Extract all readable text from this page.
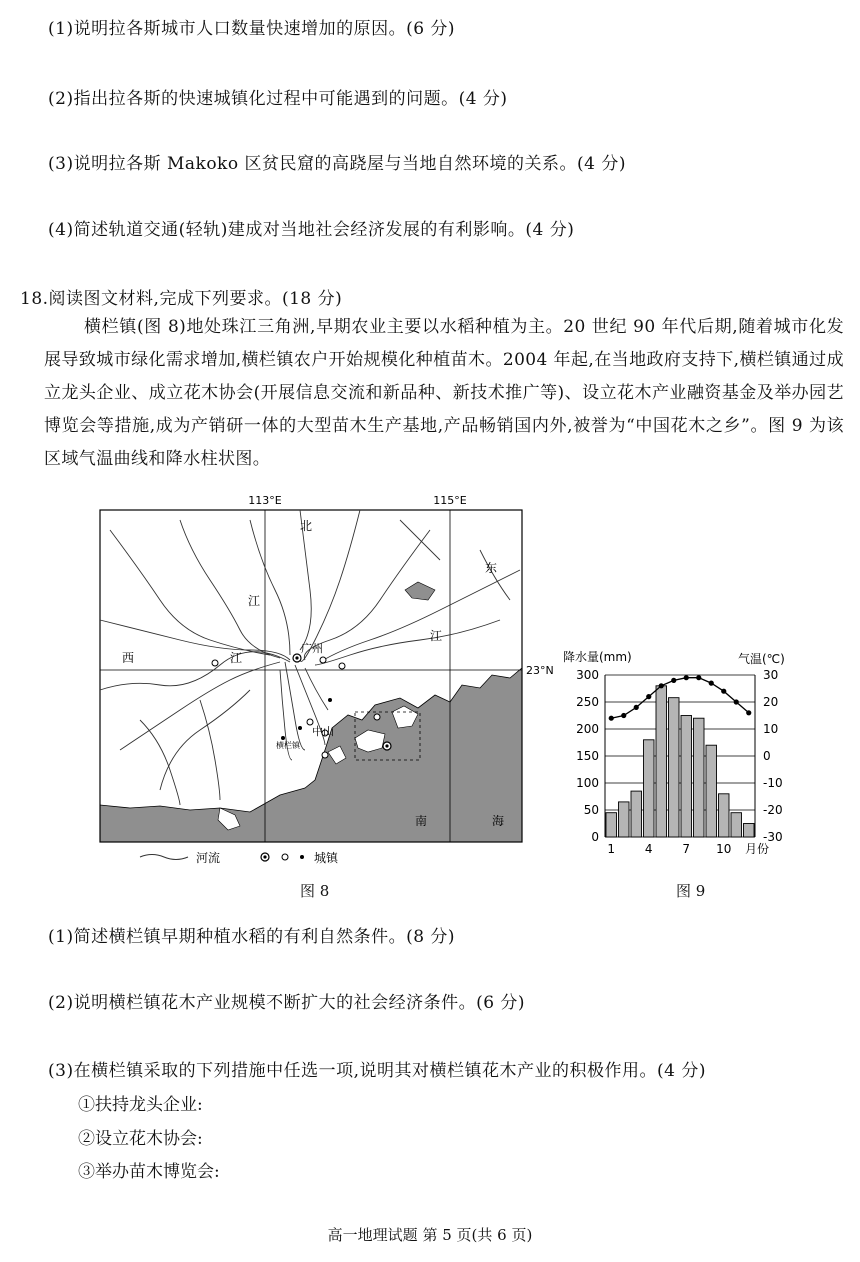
(1)说明拉各斯城市人口数量快速增加的原因。(6 分)
(2)指出拉各斯的快速城镇化过程中可能遇到的问题。(4 分)
(3)说明拉各斯 Makoko 区贫民窟的高跷屋与当地自然环境的关系。(4 分)
(4)简述轨道交通(轻轨)建成对当地社会经济发展的有利影响。(4 分)
18.阅读图文材料,完成下列要求。(18 分)
横栏镇(图 8)地处珠江三角洲,早期农业主要以水稻种植为主。20 世纪 90 年代后期,随着城市化发展导致城市绿化需求增加,横栏镇农户开始规模化种植苗木。2004 年起,在当地政府支持下,横栏镇通过成立龙头企业、成立花木协会(开展信息交流和新品种、新技术推广等)、设立花木产业融资基金及举办园艺博览会等措施,成为产销研一体的大型苗木生产基地,产品畅销国内外,被誉为“中国花木之乡”。图 9 为该区域气温曲线和降水柱状图。
113°E	115°E
23°N
北
东
江
江
西	江
广州
中山
横栏镇
南	海
河流	城镇
图 8
降水量(mm)	气温(℃)
0
50
100
150
200
250
300
-30
-20
-10
0
10
20
30
1 4 7 10 月份
图 9
(1)简述横栏镇早期种植水稻的有利自然条件。(8 分)
(2)说明横栏镇花木产业规模不断扩大的社会经济条件。(6 分)
(3)在横栏镇采取的下列措施中任选一项,说明其对横栏镇花木产业的积极作用。(4 分)
①扶持龙头企业:
②设立花木协会:
③举办苗木博览会:
高一地理试题 第 5 页(共 6 页)
